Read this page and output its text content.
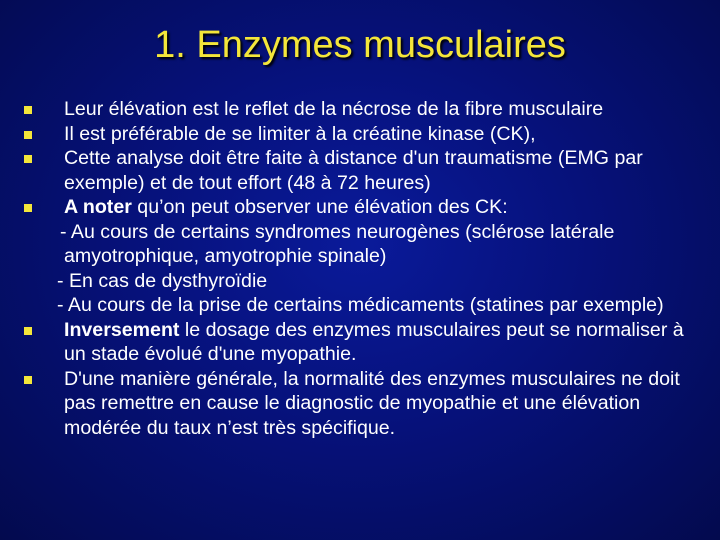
1. Enzymes musculaires
Leur élévation est le reflet de la nécrose de la fibre musculaire
Il est préférable de se limiter à la créatine kinase (CK),
Cette analyse doit être faite à distance d'un traumatisme (EMG par exemple) et de tout effort (48 à 72 heures)
A noter qu’on peut observer une élévation des CK:
- Au cours de certains syndromes neurogènes (sclérose latérale amyotrophique, amyotrophie spinale)
- En cas de dysthyroïdie
- Au cours de la prise de certains médicaments (statines par exemple)
Inversement le dosage des enzymes musculaires peut se normaliser à un stade évolué d'une myopathie.
D'une manière générale, la normalité des enzymes musculaires ne doit pas remettre en cause le diagnostic de myopathie et une élévation modérée du taux n’est très spécifique.
